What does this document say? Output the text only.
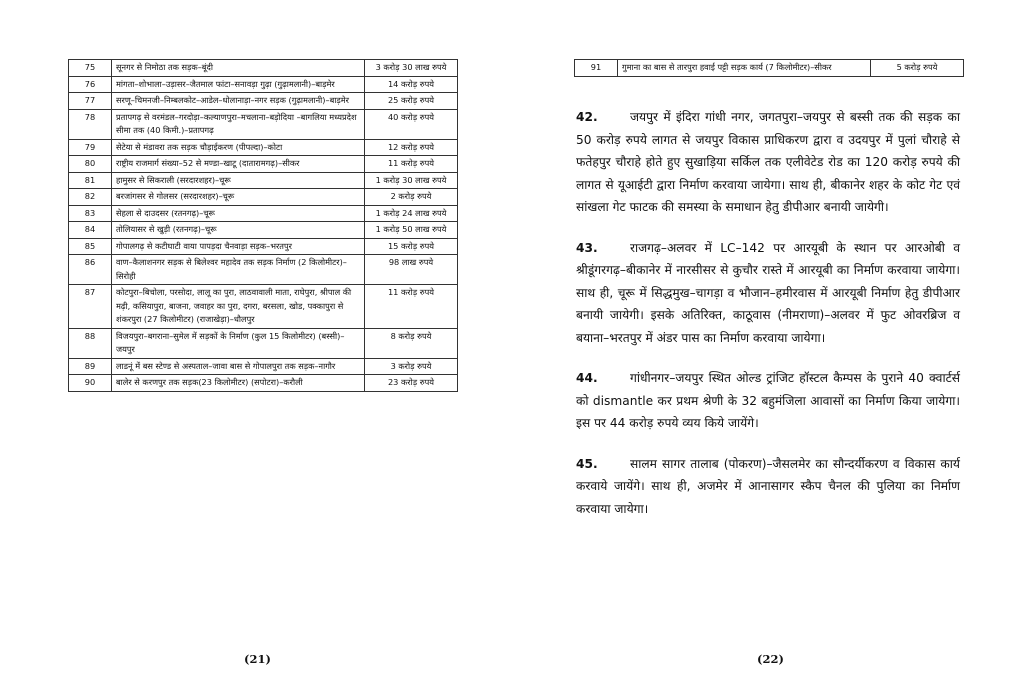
75	सूनगर से निमोठा तक सड़क–बूंदी	3 करोड़ 30 लाख रुपये
76	मांगता–शोभाला–उड़ासर–जैतमाल फांटा–सनावड़ा गुढ़ा (गुढ़ामलानी)–बाड़मेर	14 करोड़ रुपये
77	सरणू–चिमनजी–निम्बलकोट–आडेल–धोलानाड़ा–नगर सड़क (गुढ़ामलानी)–बाड़मेर	25 करोड़ रुपये
78	प्रतापगढ़ से वरमंडल–गरदोड़ा–कल्याणपुरा–मचलाना–बड़ोदिया –बागलिया मध्यप्रदेश सीमा तक (40 किमी.)–प्रतापगढ़	40 करोड़ रुपये
79	सेटेया से मंडावरा तक सड़क चौड़ाईकरण (पीपल्दा)–कोटा	12 करोड़ रुपये
80	राष्ट्रीय राजमार्ग संख्या–52 से मण्डा–खाटू (दातारामगढ़)–सीकर	11 करोड़ रुपये
81	हामुसर से सिकराली (सरदारशहर)–चूरू	1 करोड़ 30 लाख रुपये
82	बरजांगसर से गोलसर (सरदारशहर)–चूरू	2 करोड़ रुपये
83	सेहला से दाउदसर (रतनगढ़)–चूरू	1 करोड़ 24 लाख रुपये
84	तोलियासर से खुड़ी (रतनगढ़)–चूरू	1 करोड़ 50 लाख रुपये
85	गोपालगढ़ से कटीघाटी वाया पापड़दा चैनवाड़ा सड़क–भरतपुर	15 करोड़ रुपये
86	वाण–कैलाशनगर सड़क से बिलेश्वर महादेव तक सड़क निर्माण (2 किलोमीटर)–सिरोही	98 लाख रुपये
87	कोटपुरा–बिचोला, परसोदा, लालू का पुरा, लाठवावाली माता, राघेपुरा, श्रीपाल की मढ़ी, कसियापुरा, बाजना, जवाहर का पुरा, दगरा, बरसला, खोड, पक्कापुरा से शंकरपुरा (27 किलोमीटर) (राजाखेड़ा)–धौलपुर	11 करोड़ रुपये
88	विजयपुरा–बगराना–सुमेल में सड़कों के निर्माण (कुल 15 किलोमीटर) (बस्सी)–जयपुर	8 करोड़ रुपये
89	लाडनूं में बस स्टेण्ड से अस्पताल–जावा बास से गोपालपुरा तक सड़क–नागौर	3 करोड़ रुपये
90	बालेर से करणपुर तक सड़क(23 किलोमीटर) (सपोटरा)–करौली	23 करोड़ रुपये
(21)
91	गुमाना का बास से तारपुरा हवाई पट्टी सड़क कार्य (7 किलोमीटर)–सीकर	5 करोड़ रुपये

42.	जयपुर में इंदिरा गांधी नगर, जगतपुरा–जयपुर से बस्सी तक की सड़क का 50 करोड़ रुपये लागत से जयपुर विकास प्राधिकरण द्वारा व उदयपुर में पुलां चौराहे से फतेहपुर चौराहे होते हुए सुखाड़िया सर्किल तक एलीवेटेड रोड का 120 करोड़ रुपये की लागत से यूआईटी द्वारा निर्माण करवाया जायेगा। साथ ही, बीकानेर शहर के कोट गेट एवं सांखला गेट फाटक की समस्या के समाधान हेतु डीपीआर बनायी जायेगी।

43.	राजगढ़–अलवर में LC–142 पर आरयूबी के स्थान पर आरओबी व श्रीडूंगरगढ़–बीकानेर में नारसीसर से कुचौर रास्ते में आरयूबी का निर्माण करवाया जायेगा। साथ ही, चूरू में सिद्धमुख–चागड़ा व भौजान–हमीरवास में आरयूबी निर्माण हेतु डीपीआर बनायी जायेगी। इसके अतिरिक्त, काठूवास (नीमराणा)–अलवर में फुट ओवरब्रिज व बयाना–भरतपुर में अंडर पास का निर्माण करवाया जायेगा।

44.	गांधीनगर–जयपुर स्थित ओल्ड ट्रांजिट हॉस्टल कैम्पस के पुराने 40 क्वार्टर्स को dismantle कर प्रथम श्रेणी के 32 बहुमंजिला आवासों का निर्माण किया जायेगा। इस पर 44 करोड़ रुपये व्यय किये जायेंगे।

45.	सालम सागर तालाब (पोकरण)–जैसलमेर का सौन्दर्यीकरण व विकास कार्य करवाये जायेंगे। साथ ही, अजमेर में आनासागर स्कैप चैनल की पुलिया का निर्माण करवाया जायेगा।

(22)
